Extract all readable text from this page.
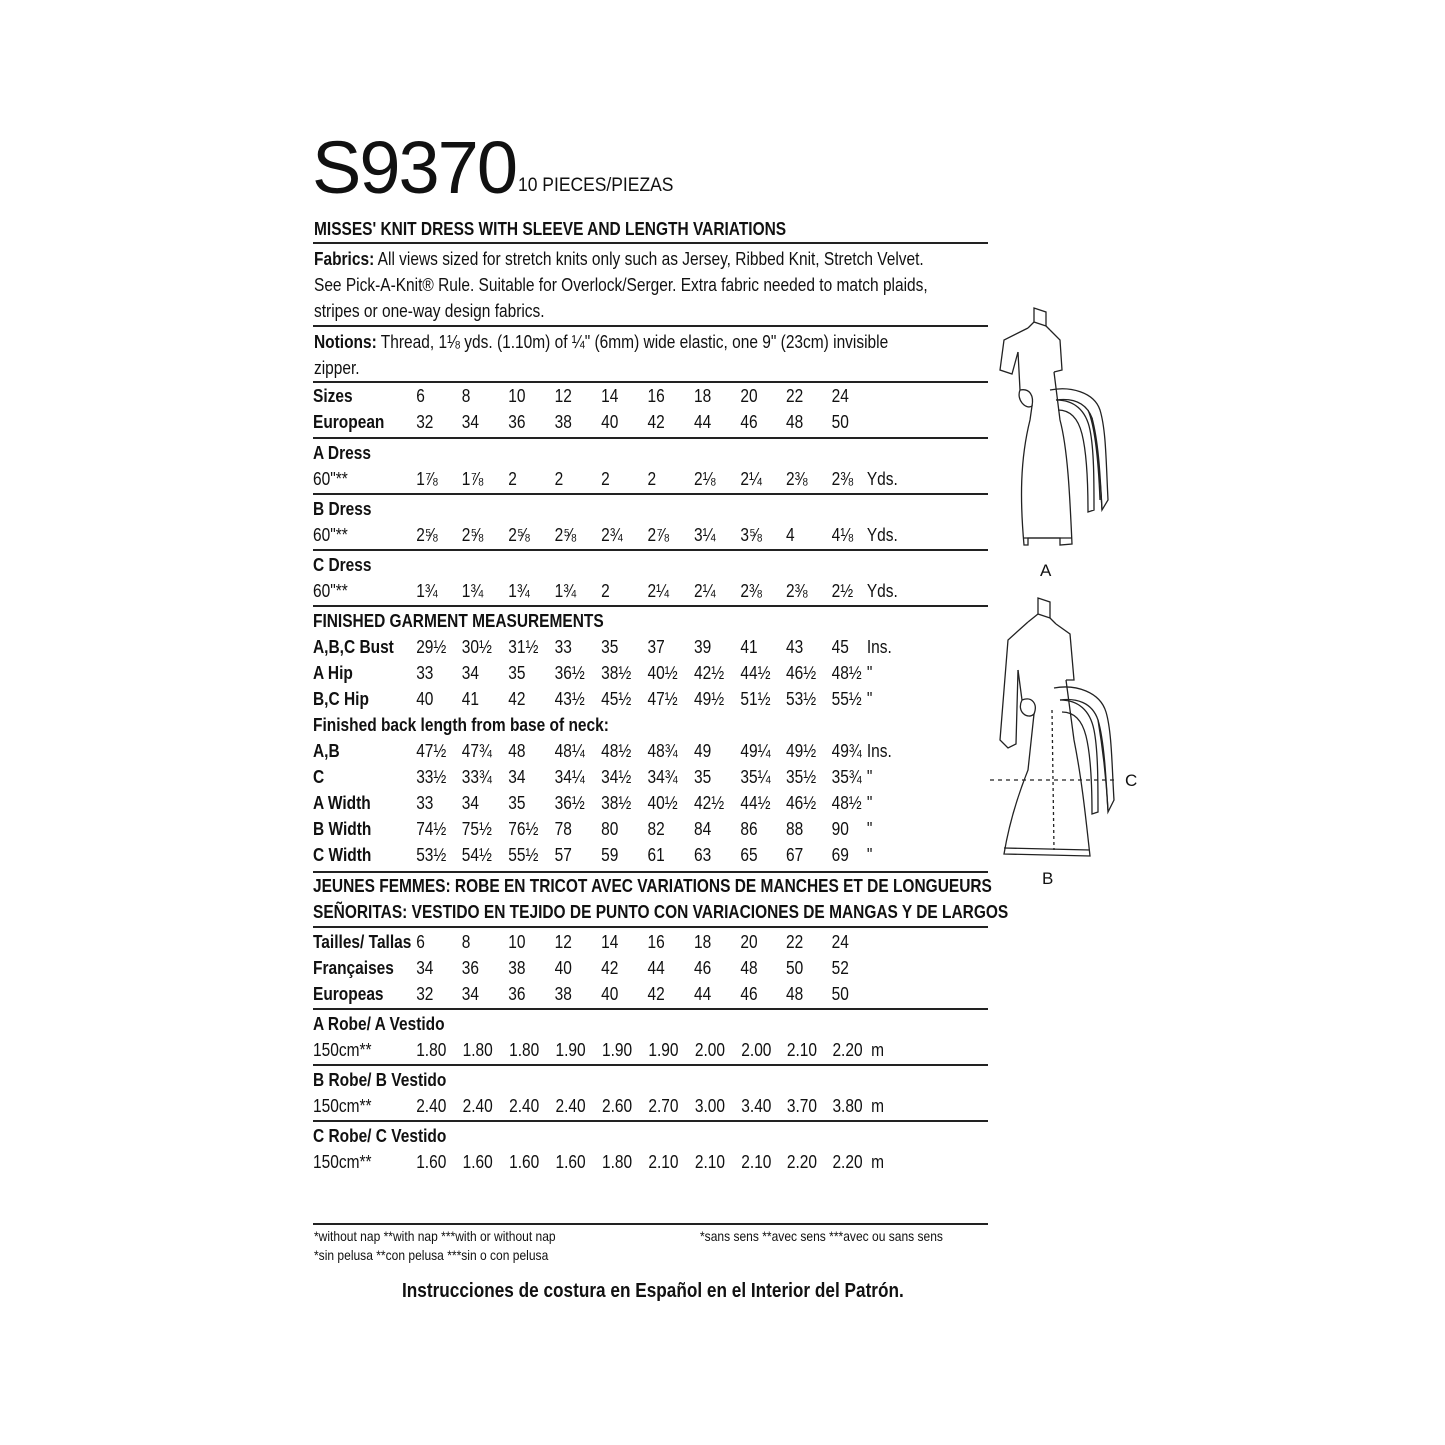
S9370 10 PIECES/PIEZAS
MISSES' KNIT DRESS WITH SLEEVE AND LENGTH VARIATIONS
Fabrics: All views sized for stretch knits only such as Jersey, Ribbed Knit, Stretch Velvet.
See Pick-A-Knit® Rule. Suitable for Overlock/Serger. Extra fabric needed to match plaids,
stripes or one-way design fabrics.
Notions: Thread, 1⅛ yds. (1.10m) of ¼" (6mm) wide elastic, one 9" (23cm) invisible
zipper.
Sizes	6 8 10 12 14 16 18 20 22 24
European 32 34 36 38 40 42 44 46 48 50
A Dress
60"**	1⅞ 1⅞ 2 2 2 2 2⅛ 2¼ 2⅜ 2⅜ Yds.
B Dress
60"**	2⅝ 2⅝ 2⅝ 2⅝ 2¾ 2⅞ 3¼ 3⅝ 4 4⅛ Yds.
C Dress
60"**	1¾ 1¾ 1¾ 1¾ 2 2¼ 2¼ 2⅜ 2⅜ 2½ Yds.
FINISHED GARMENT MEASUREMENTS
A,B,C Bust 29½ 30½ 31½ 33 35 37 39 41 43 45 Ins.
A Hip	33 34 35 36½ 38½ 40½ 42½ 44½ 46½ 48½ "
B,C Hip	40 41 42 43½ 45½ 47½ 49½ 51½ 53½ 55½ "
Finished back length from base of neck:
A,B	47½ 47¾ 48 48¼ 48½ 48¾ 49 49¼ 49½ 49¾ Ins.
C	33½ 33¾ 34 34¼ 34½ 34¾ 35 35¼ 35½ 35¾ "
A Width	33 34 35 36½ 38½ 40½ 42½ 44½ 46½ 48½ "
B Width 74½ 75½ 76½ 78 80 82 84 86 88 90 "
C Width 53½ 54½ 55½ 57 59 61 63 65 67 69 "
JEUNES FEMMES: ROBE EN TRICOT AVEC VARIATIONS DE MANCHES ET DE LONGUEURS
SEÑORITAS: VESTIDO EN TEJIDO DE PUNTO CON VARIACIONES DE MANGAS Y DE LARGOS
Tailles/ Tallas 6 8 10 12 14 16 18 20 22 24
Françaises 34 36 38 40 42 44 46 48 50 52
Europeas 32 34 36 38 40 42 44 46 48 50
A Robe/ A Vestido
150cm** 1.80 1.80 1.80 1.90 1.90 1.90 2.00 2.00 2.10 2.20 m
B Robe/ B Vestido
150cm** 2.40 2.40 2.40 2.40 2.60 2.70 3.00 3.40 3.70 3.80 m
C Robe/ C Vestido
150cm** 1.60 1.60 1.60 1.60 1.80 2.10 2.10 2.10 2.20 2.20 m
*without nap **with nap ***with or without nap	*sans sens **avec sens ***avec ou sans sens
*sin pelusa **con pelusa ***sin o con pelusa
Instrucciones de costura en Español en el Interior del Patrón.
A
C
B
